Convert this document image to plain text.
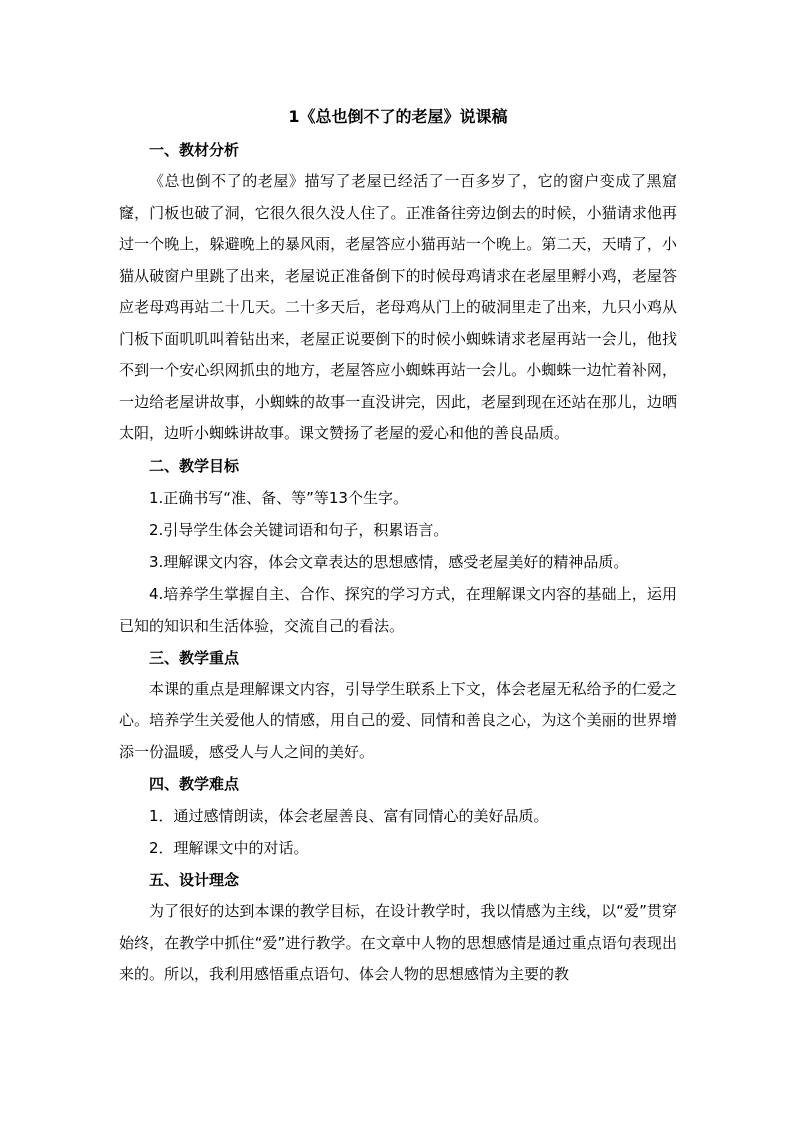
1《总也倒不了的老屋》说课稿
一、教材分析

《总也倒不了的老屋》描写了老屋已经活了一百多岁了，它的窗户变成了黑窟窿，门板也破了洞，它很久很久没人住了。正准备往旁边倒去的时候，小猫请求他再过一个晚上，躲避晚上的暴风雨，老屋答应小猫再站一个晚上。第二天，天晴了，小猫从破窗户里跳了出来，老屋说正准备倒下的时候母鸡请求在老屋里孵小鸡，老屋答应老母鸡再站二十几天。二十多天后，老母鸡从门上的破洞里走了出来，九只小鸡从门板下面叽叽叫着钻出来，老屋正说要倒下的时候小蜘蛛请求老屋再站一会儿，他找不到一个安心织网抓虫的地方，老屋答应小蜘蛛再站一会儿。小蜘蛛一边忙着补网，一边给老屋讲故事，小蜘蛛的故事一直没讲完，因此，老屋到现在还站在那儿，边晒太阳，边听小蜘蛛讲故事。课文赞扬了老屋的爱心和他的善良品质。

二、教学目标
1.正确书写“准、备、等”等13个生字。
2.引导学生体会关键词语和句子，积累语言。
3.理解课文内容，体会文章表达的思想感情，感受老屋美好的精神品质。

4.培养学生掌握自主、合作、探究的学习方式，在理解课文内容的基础上，运用已知的知识和生活体验，交流自己的看法。

三、教学重点

本课的重点是理解课文内容，引导学生联系上下文，体会老屋无私给予的仁爱之心。培养学生关爱他人的情感，用自己的爱、同情和善良之心，为这个美丽的世界增添一份温暖，感受人与人之间的美好。

四、教学难点
1．通过感情朗读，体会老屋善良、富有同情心的美好品质。
2．理解课文中的对话。
五、设计理念

为了很好的达到本课的教学目标，在设计教学时，我以情感为主线，以“爱”贯穿始终，在教学中抓住“爱”进行教学。在文章中人物的思想感情是通过重点语句表现出来的。所以，我利用感悟重点语句、体会人物的思想感情为主要的教
